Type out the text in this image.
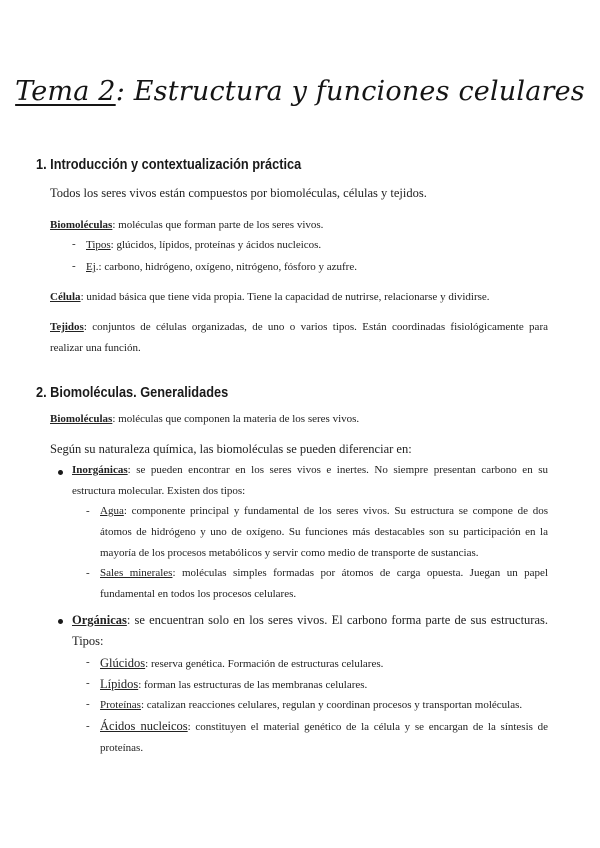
Tema 2: Estructura y funciones celulares
1. Introducción y contextualización práctica
Todos los seres vivos están compuestos por biomoléculas, células y tejidos.
Biomoléculas: moléculas que forman parte de los seres vivos.
- Tipos: glúcidos, lípidos, proteínas y ácidos nucleicos.
- Ej.: carbono, hidrógeno, oxígeno, nitrógeno, fósforo y azufre.
Célula: unidad básica que tiene vida propia. Tiene la capacidad de nutrirse, relacionarse y dividirse.
Tejidos: conjuntos de células organizadas, de uno o varios tipos. Están coordinadas fisiológicamente para realizar una función.
2. Biomoléculas. Generalidades
Biomoléculas: moléculas que componen la materia de los seres vivos.
Según su naturaleza química, las biomoléculas se pueden diferenciar en:
Inorgánicas: se pueden encontrar en los seres vivos e inertes. No siempre presentan carbono en su estructura molecular. Existen dos tipos:
- Agua: componente principal y fundamental de los seres vivos. Su estructura se compone de dos átomos de hidrógeno y uno de oxígeno. Su funciones más destacables son su participación en la mayoría de los procesos metabólicos y servir como medio de transporte de sustancias.
- Sales minerales: moléculas simples formadas por átomos de carga opuesta. Juegan un papel fundamental en todos los procesos celulares.
Orgánicas: se encuentran solo en los seres vivos. El carbono forma parte de sus estructuras. Tipos:
- Glúcidos: reserva genética. Formación de estructuras celulares.
- Lípidos: forman las estructuras de las membranas celulares.
- Proteínas: catalizan reacciones celulares, regulan y coordinan procesos y transportan moléculas.
- Ácidos nucleicos: constituyen el material genético de la célula y se encargan de la síntesis de proteínas.
